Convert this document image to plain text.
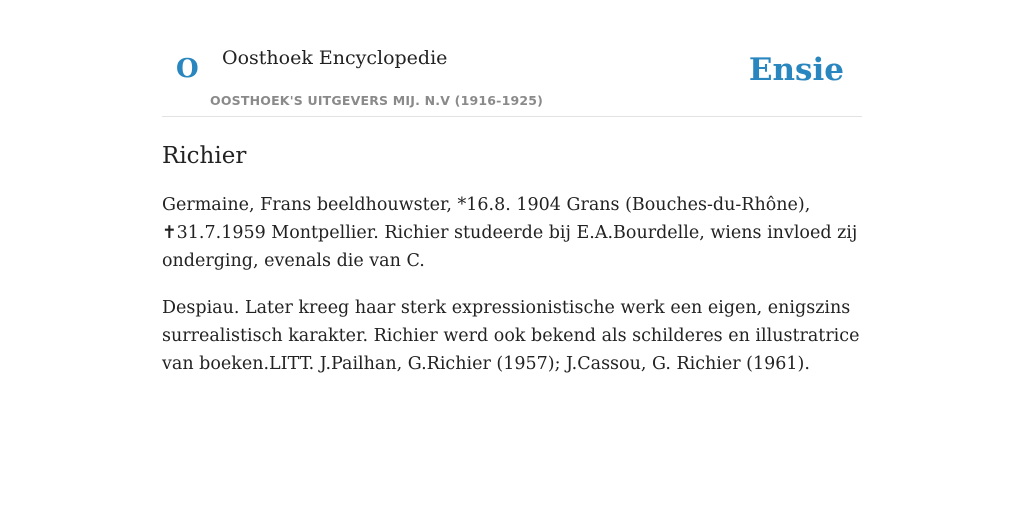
O Oosthoek Encyclopedie
OOSTHOEK'S UITGEVERS MIJ. N.V (1916-1925)
Ensie
Richier

Germaine, Frans beeldhouwster, *16.8. 1904 Grans (Bouches-du-Rhône), ✝31.7.1959 Montpellier. Richier studeerde bij E.A.Bourdelle, wiens invloed zij onderging, evenals die van C.

Despiau. Later kreeg haar sterk expressionistische werk een eigen, enigszins surrealistisch karakter. Richier werd ook bekend als schilderes en illustratrice van boeken.LITT. J.Pailhan, G.Richier (1957); J.Cassou, G. Richier (1961).
